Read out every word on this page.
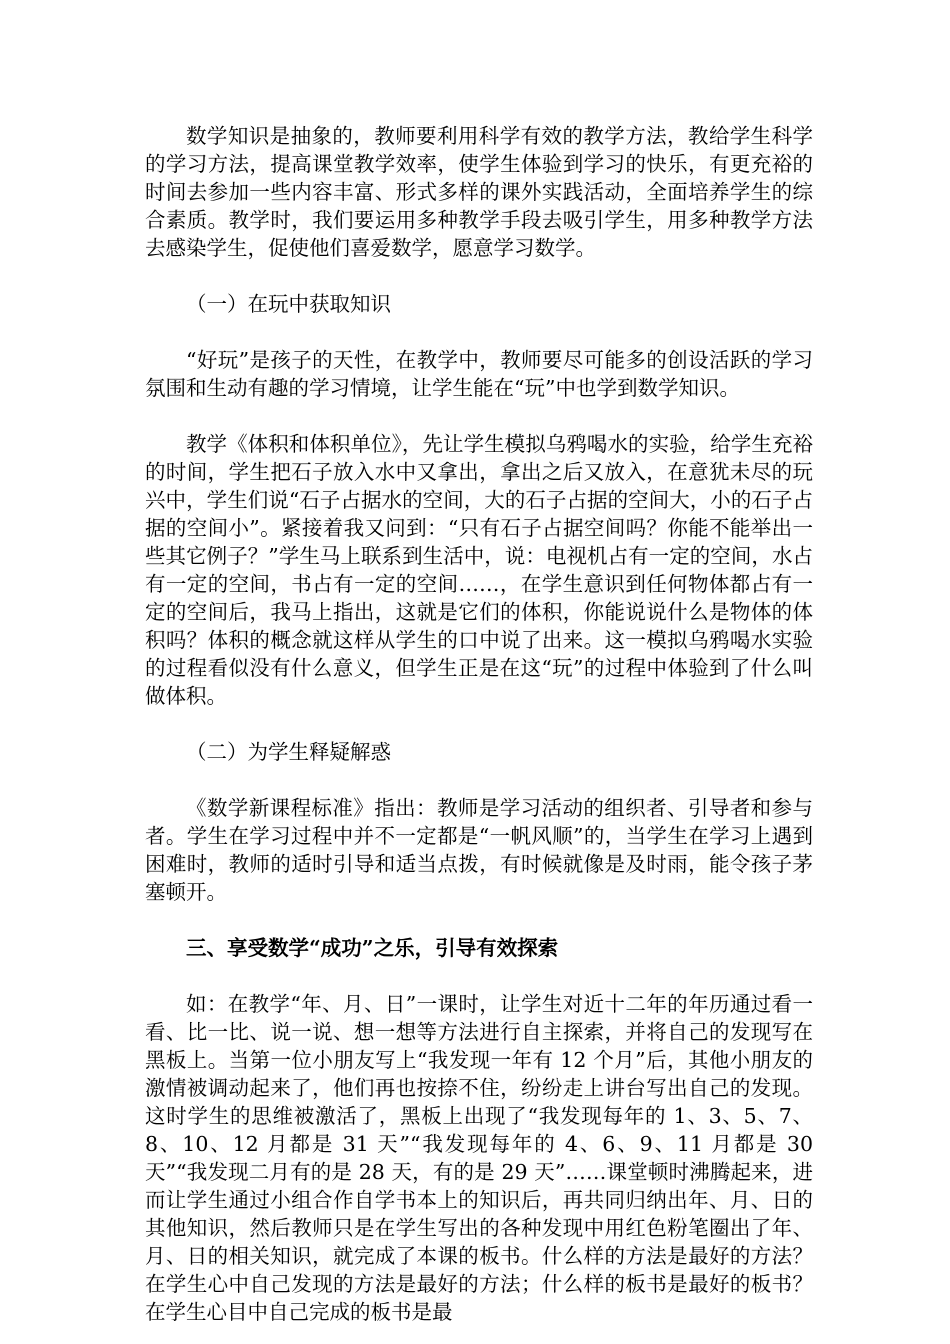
数学知识是抽象的，教师要利用科学有效的教学方法，教给学生科学的学习方法，提高课堂教学效率，使学生体验到学习的快乐，有更充裕的时间去参加一些内容丰富、形式多样的课外实践活动，全面培养学生的综合素质。教学时，我们要运用多种教学手段去吸引学生，用多种教学方法去感染学生，促使他们喜爱数学，愿意学习数学。

（一）在玩中获取知识

“好玩”是孩子的天性，在教学中，教师要尽可能多的创设活跃的学习氛围和生动有趣的学习情境，让学生能在“玩”中也学到数学知识。

教学《体积和体积单位》，先让学生模拟乌鸦喝水的实验，给学生充裕的时间，学生把石子放入水中又拿出，拿出之后又放入，在意犹未尽的玩兴中，学生们说“石子占据水的空间，大的石子占据的空间大，小的石子占据的空间小”。紧接着我又问到：“只有石子占据空间吗？你能不能举出一些其它例子？”学生马上联系到生活中，说：电视机占有一定的空间，水占有一定的空间，书占有一定的空间……，在学生意识到任何物体都占有一定的空间后，我马上指出，这就是它们的体积，你能说说什么是物体的体积吗？体积的概念就这样从学生的口中说了出来。这一模拟乌鸦喝水实验的过程看似没有什么意义，但学生正是在这“玩”的过程中体验到了什么叫做体积。

（二）为学生释疑解惑

《数学新课程标准》指出：教师是学习活动的组织者、引导者和参与者。学生在学习过程中并不一定都是“一帆风顺”的，当学生在学习上遇到困难时，教师的适时引导和适当点拨，有时候就像是及时雨，能令孩子茅塞顿开。

三、享受数学“成功”之乐，引导有效探索

如：在教学“年、月、日”一课时，让学生对近十二年的年历通过看一看、比一比、说一说、想一想等方法进行自主探索，并将自己的发现写在黑板上。当第一位小朋友写上“我发现一年有 12 个月”后，其他小朋友的激情被调动起来了，他们再也按捺不住，纷纷走上讲台写出自己的发现。这时学生的思维被激活了，黑板上出现了“我发现每年的 1、3、5、7、8、10、12 月都是 31 天”“我发现每年的 4、6、9、11 月都是 30 天”“我发现二月有的是 28 天，有的是 29 天”……课堂顿时沸腾起来，进而让学生通过小组合作自学书本上的知识后，再共同归纳出年、月、日的其他知识，然后教师只是在学生写出的各种发现中用红色粉笔圈出了年、月、日的相关知识，就完成了本课的板书。什么样的方法是最好的方法？在学生心中自己发现的方法是最好的方法；什么样的板书是最好的板书？在学生心目中自己完成的板书是最
